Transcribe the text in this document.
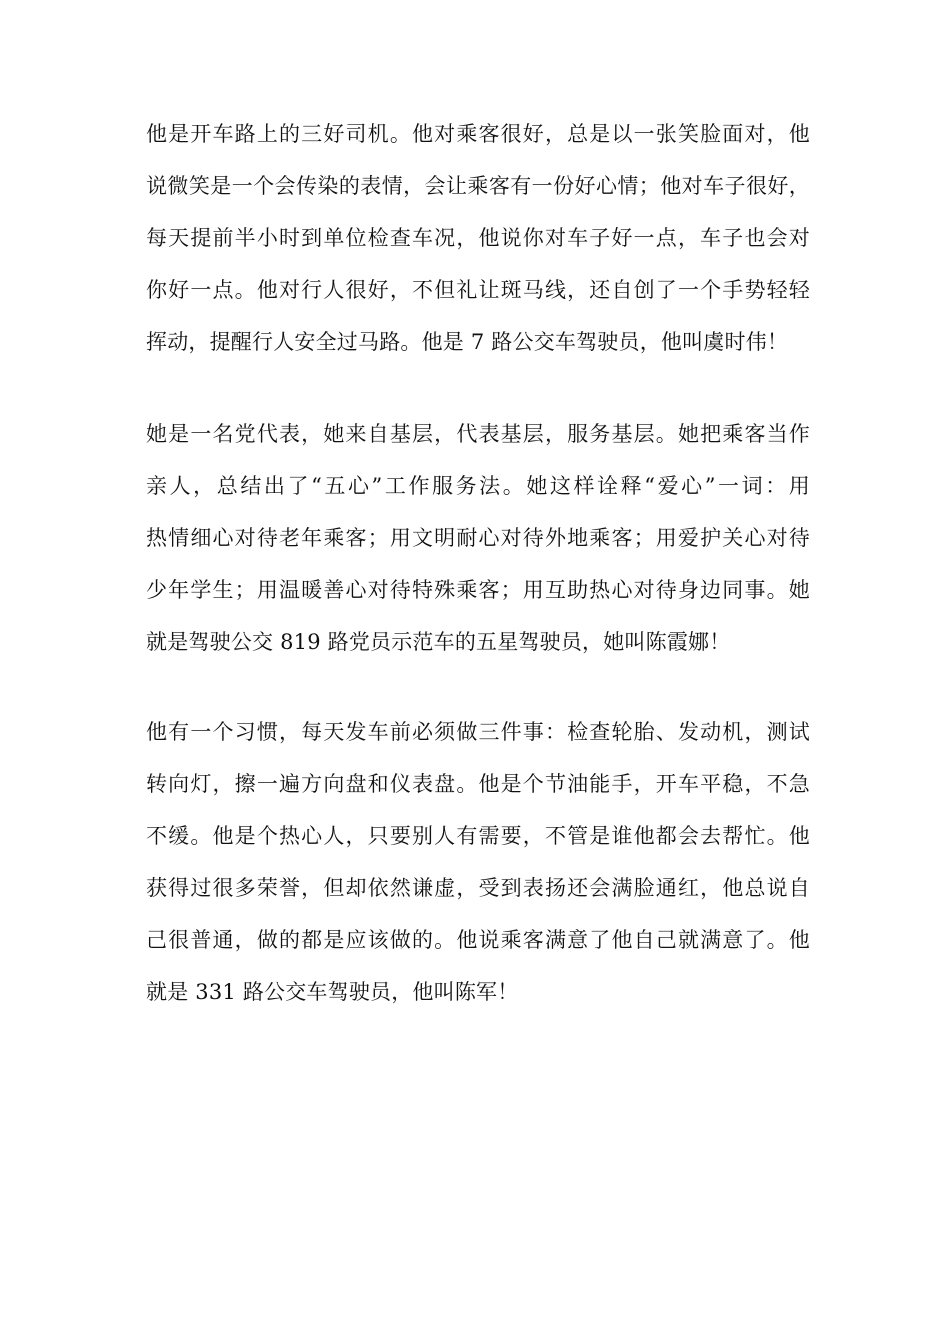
他是开车路上的三好司机。他对乘客很好，总是以一张笑脸面对，他
说微笑是一个会传染的表情，会让乘客有一份好心情；他对车子很好，
每天提前半小时到单位检查车况，他说你对车子好一点，车子也会对
你好一点。他对行人很好，不但礼让斑马线，还自创了一个手势轻轻
挥动，提醒行人安全过马路。他是 7 路公交车驾驶员，他叫虞时伟！
她是一名党代表，她来自基层，代表基层，服务基层。她把乘客当作
亲人，总结出了“五心”工作服务法。她这样诠释“爱心”一词：用
热情细心对待老年乘客；用文明耐心对待外地乘客；用爱护关心对待
少年学生；用温暖善心对待特殊乘客；用互助热心对待身边同事。她
就是驾驶公交 819 路党员示范车的五星驾驶员，她叫陈霞娜！
他有一个习惯，每天发车前必须做三件事：检查轮胎、发动机，测试
转向灯，擦一遍方向盘和仪表盘。他是个节油能手，开车平稳，不急
不缓。他是个热心人，只要别人有需要，不管是谁他都会去帮忙。他
获得过很多荣誉，但却依然谦虚，受到表扬还会满脸通红，他总说自
己很普通，做的都是应该做的。他说乘客满意了他自己就满意了。他
就是 331 路公交车驾驶员，他叫陈军！
